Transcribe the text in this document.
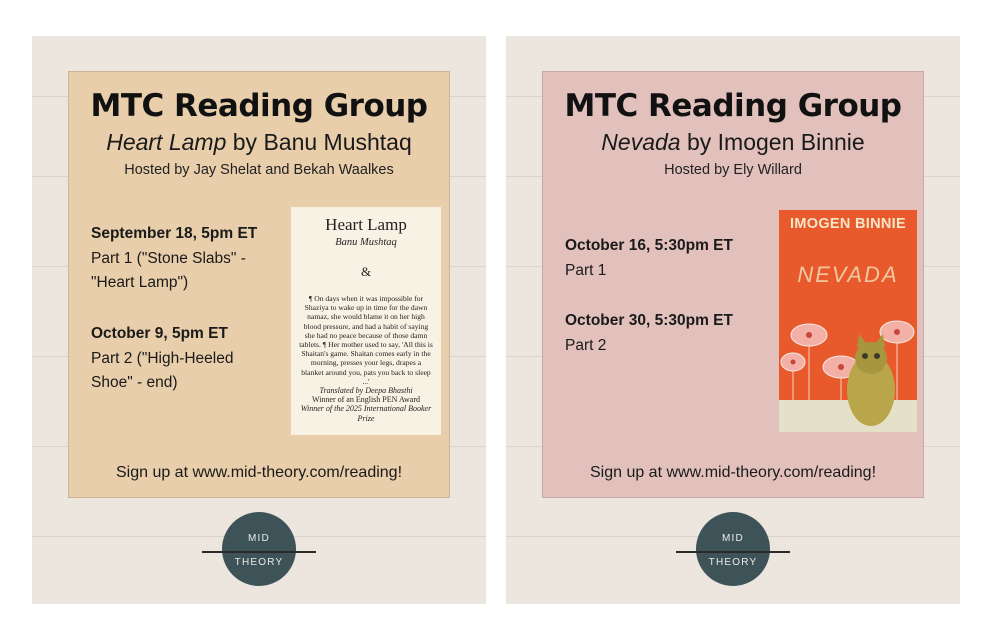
MTC Reading Group
Heart Lamp by Banu Mushtaq
Hosted by Jay Shelat and Bekah Waalkes
September 18, 5pm ET
Part 1 ("Stone Slabs" -
"Heart Lamp")
October 9, 5pm ET
Part 2 ("High-Heeled
Shoe" - end)
Heart Lamp
Banu Mushtaq
&
¶ On days when it was impossible for Shaziya to wake up in time for the dawn namaz, she would blame it on her high blood pressure, and had a habit of saying she had no peace because of those damn tablets. ¶ Her mother used to say, 'All this is Shaitan's game. Shaitan comes early in the morning, presses your legs, drapes a blanket around you, pats you back to sleep ...'
Translated by Deepa Bhasthi
Winner of an English PEN Award
Winner of the 2025 International Booker Prize
Sign up at www.mid-theory.com/reading!
MID
THEORY
MTC Reading Group
Nevada by Imogen Binnie
Hosted by Ely Willard
October 16, 5:30pm ET
Part 1
October 30, 5:30pm ET
Part 2
IMOGEN BINNIE
NEVADA
Sign up at www.mid-theory.com/reading!
MID
THEORY
